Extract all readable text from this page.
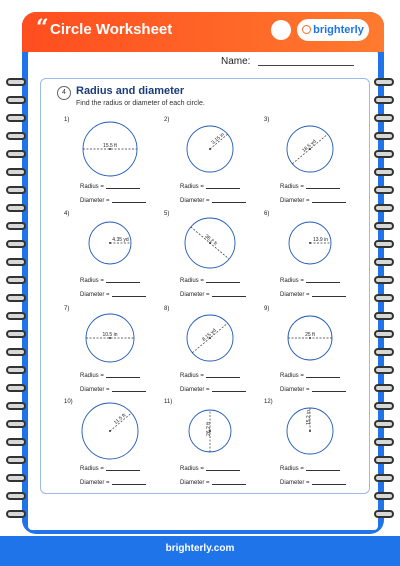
“ Circle Worksheet	brighterly
Name:
4 Radius and diameter
Find the radius or diameter of each circle.
1)
15.5 ft
Radius =
Diameter =
2)
3.15 in
Radius =
Diameter =
3)
18.5 yd
Radius =
Diameter =
4)
4.35 yd
Radius =
Diameter =
5)
36.2 ft
Radius =
Diameter =
6)
13.9 in
Radius =
Diameter =
7)
10.5 in
Radius =
Diameter =
8)
8.15 yd
Radius =
Diameter =
9)
25 ft
Radius =
Diameter =
10)
11.5 ft
Radius =
Diameter =
11)
26.2 ft
Radius =
Diameter =
12)
15.2 in
Radius =
Diameter =
brighterly.com
